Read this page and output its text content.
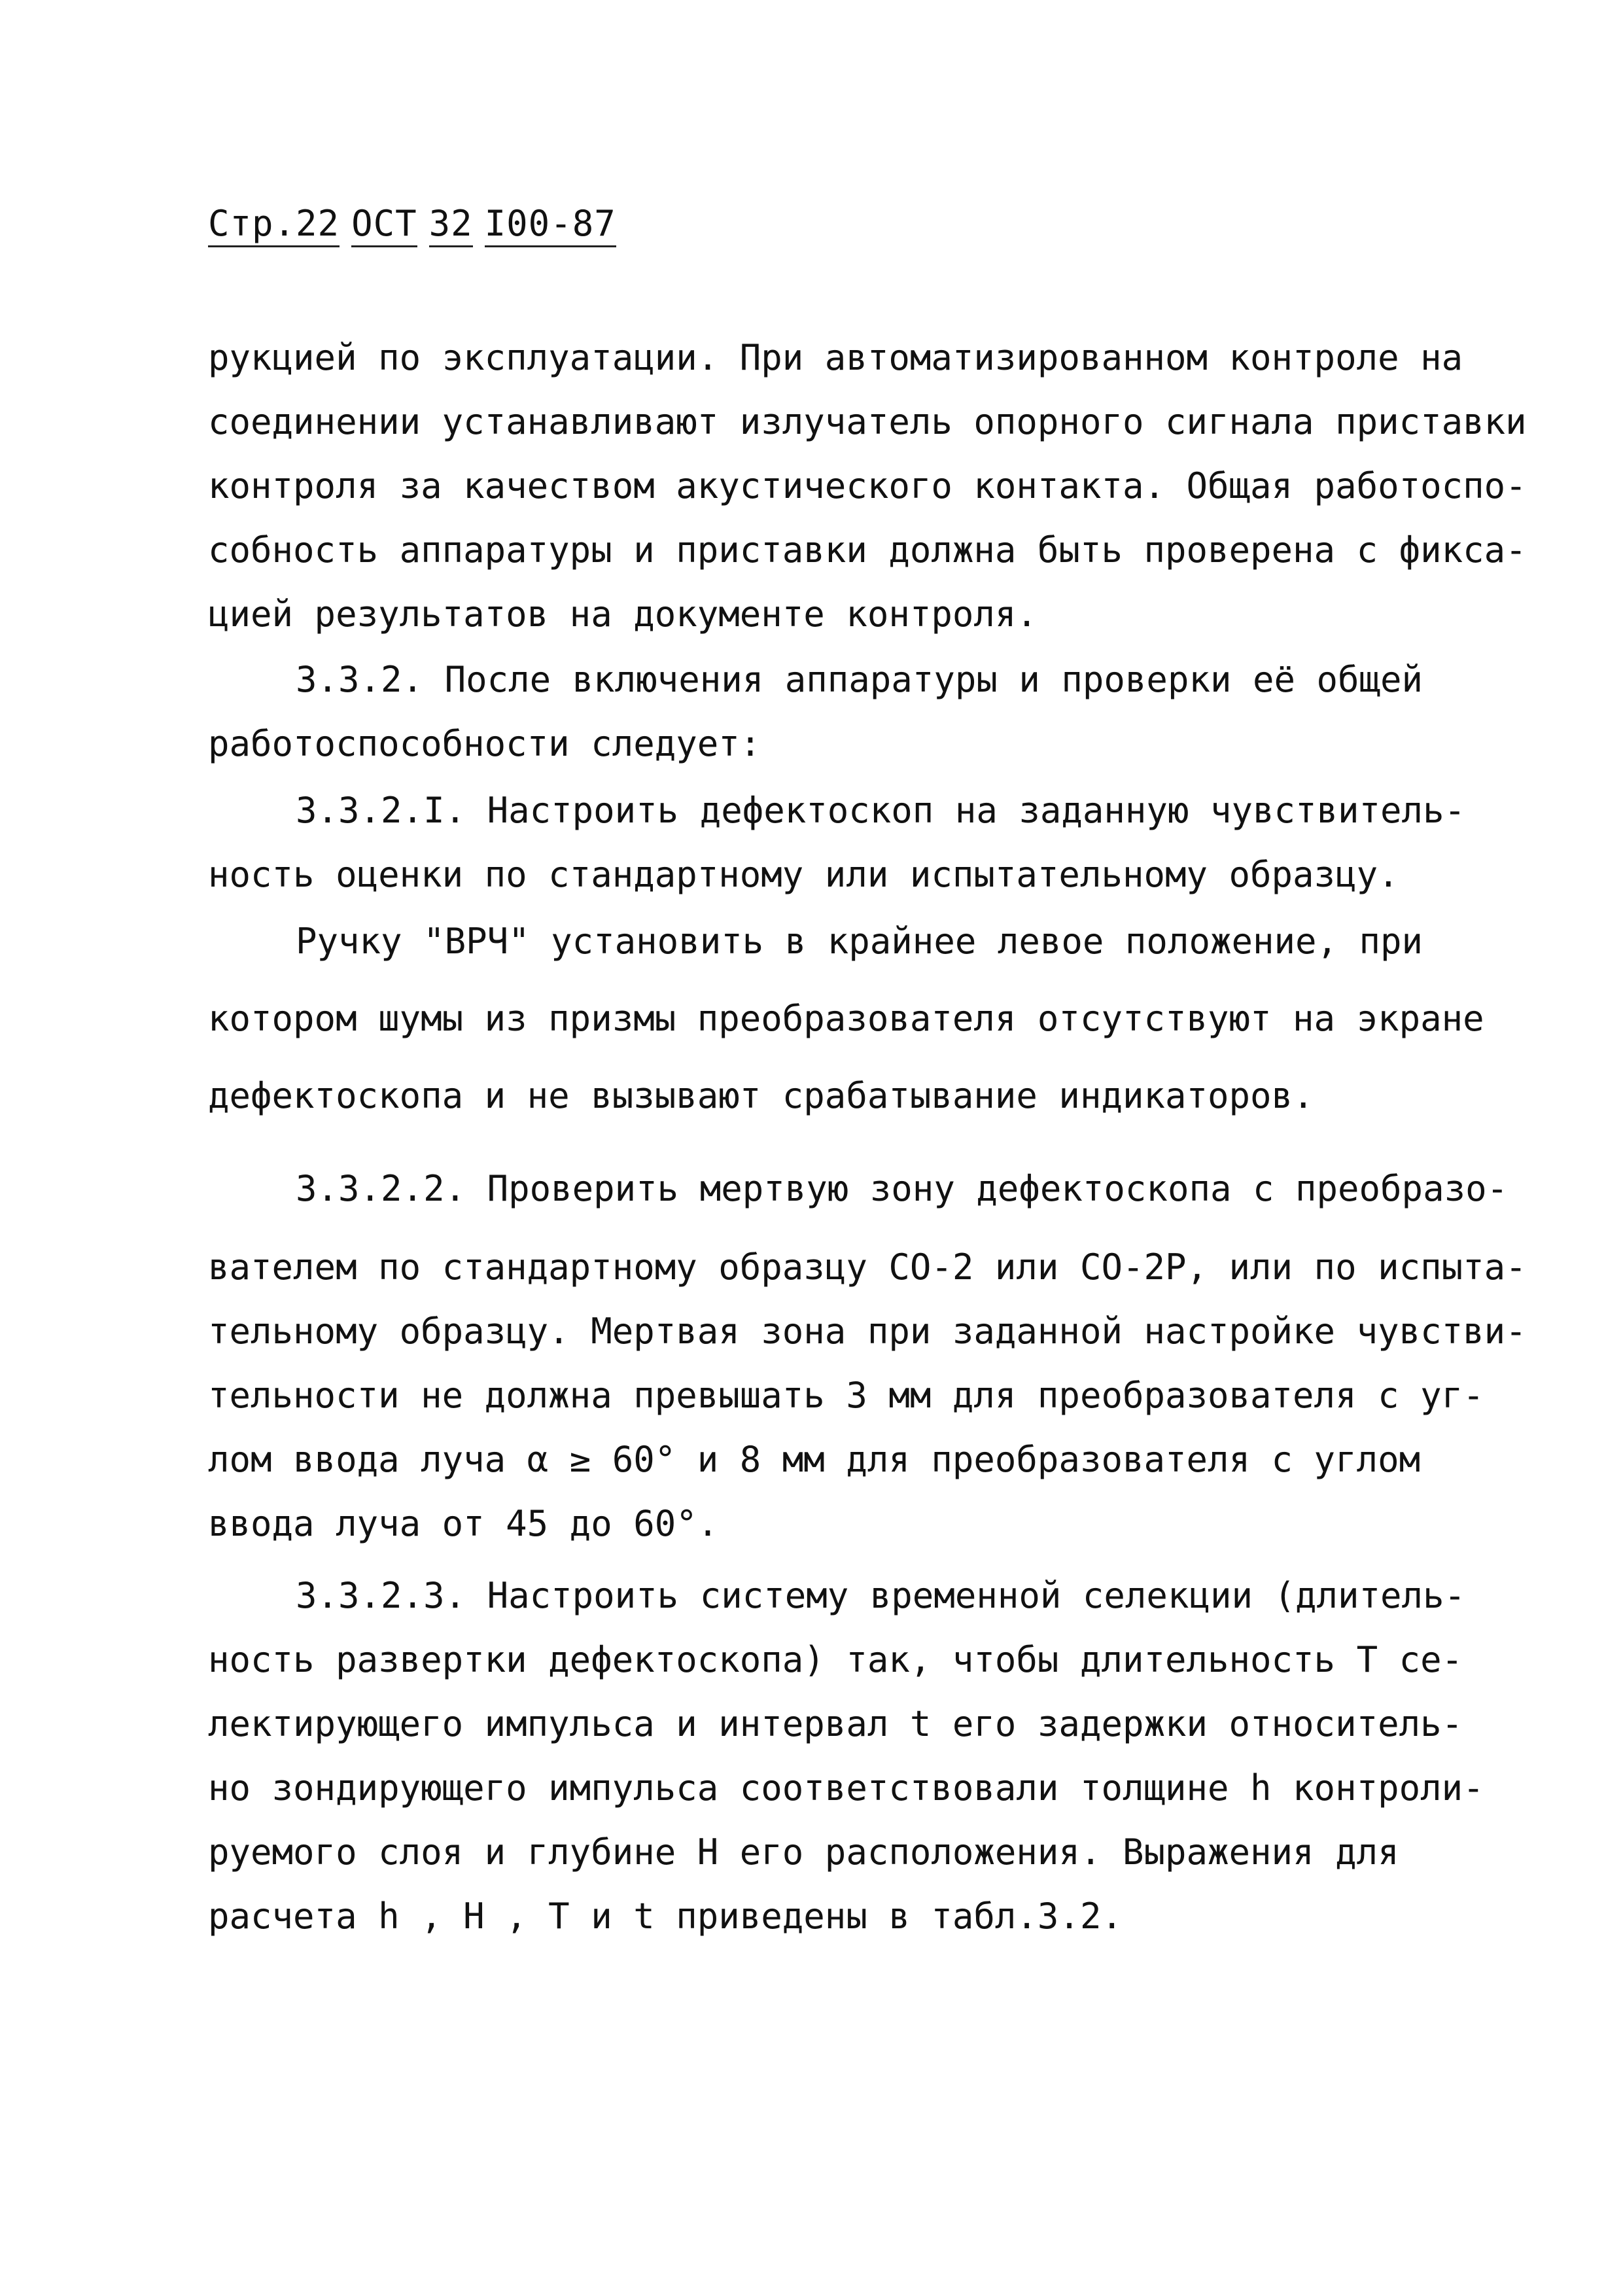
Стр.22 ОСТ 32 I00-87
рукцией по эксплуатации. При автоматизированном контроле на
соединении устанавливают излучатель опорного сигнала приставки
контроля за качеством акустического контакта. Общая работоспо-
собность аппаратуры и приставки должна быть проверена с фикса-
цией результатов на документе контроля.
3.3.2. После включения аппаратуры и проверки её общей
работоспособности следует:
3.3.2.I. Настроить дефектоскоп на заданную чувствитель-
ность оценки по стандартному или испытательному образцу.
Ручку "ВРЧ" установить в крайнее левое положение, при
котором шумы из призмы преобразователя отсутствуют на экране
дефектоскопа и не вызывают срабатывание индикаторов.
3.3.2.2. Проверить мертвую зону дефектоскопа с преобразо-
вателем по стандартному образцу СО-2 или СО-2Р, или по испыта-
тельному образцу. Мертвая зона при заданной настройке чувстви-
тельности не должна превышать 3 мм для преобразователя с уг-
лом ввода луча α ≥ 60° и 8 мм для преобразователя с углом
ввода луча от 45 до 60°.
3.3.2.3. Настроить систему временной селекции (длитель-
ность развертки дефектоскопа) так, чтобы длительность T се-
лектирующего импульса и интервал t его задержки относитель-
но зондирующего импульса соответствовали толщине h контроли-
руемого слоя и глубине H его расположения. Выражения для
расчета h , H , T и t приведены в табл.3.2.
